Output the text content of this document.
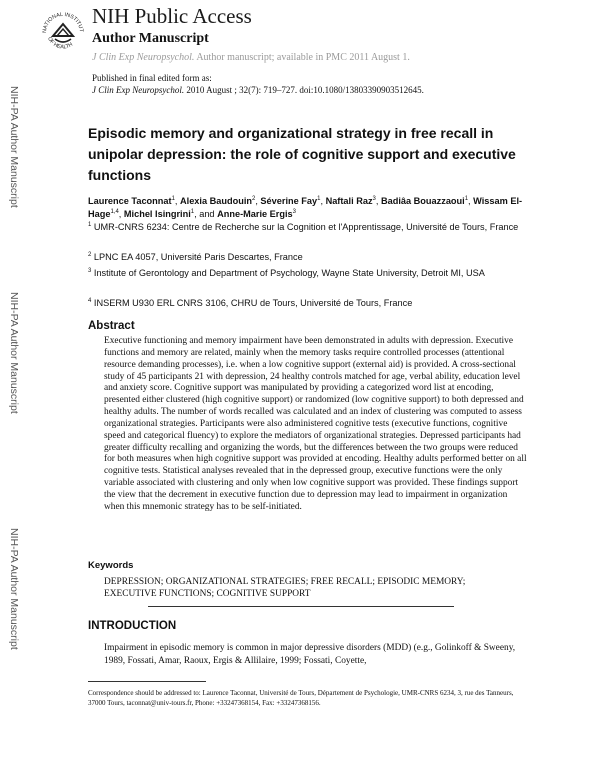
NATIONAL INSTITUT
OF HEALTH
NIH Public Access
Author Manuscript
J Clin Exp Neuropsychol. Author manuscript; available in PMC 2011 August 1.
Published in final edited form as:
J Clin Exp Neuropsychol. 2010 August ; 32(7): 719–727. doi:10.1080/13803390903512645.
NIH-PA Author Manuscript
NIH-PA Author Manuscript
NIH-PA Author Manuscript
Episodic memory and organizational strategy in free recall in unipolar depression: the role of cognitive support and executive functions
Laurence Taconnat$^1$, Alexia Baudouin$^2$, Séverine Fay$^1$, Naftali Raz$^3$, Badiâa Bouazzaoui$^1$, Wissam El-Hage$^{1,4}$, Michel Isingrini$^1$, and Anne-Marie Ergis$^3$
$^1$ UMR-CNRS 6234: Centre de Recherche sur la Cognition et l'Apprentissage, Université de Tours, France
$^2$ LPNC EA 4057, Université Paris Descartes, France
$^3$ Institute of Gerontology and Department of Psychology, Wayne State University, Detroit MI, USA
$^4$ INSERM U930 ERL CNRS 3106, CHRU de Tours, Université de Tours, France
Abstract
Executive functioning and memory impairment have been demonstrated in adults with depression. Executive functions and memory are related, mainly when the memory tasks require controlled processes (attentional resource demanding processes), i.e. when a low cognitive support (external aid) is provided. A cross-sectional study of 45 participants 21 with depression, 24 healthy controls matched for age, verbal ability, education level and anxiety score. Cognitive support was manipulated by providing a categorized word list at encoding, presented either clustered (high cognitive support) or randomized (low cognitive support) to both depressed and healthy adults. The number of words recalled was calculated and an index of clustering was computed to assess organizational strategies. Participants were also administered cognitive tests (executive functions, cognitive speed and categorical fluency) to explore the mediators of organizational strategies. Depressed participants had greater difficulty recalling and organizing the words, but the differences between the two groups were reduced for both measures when high cognitive support was provided at encoding. Healthy adults performed better on all cognitive tests. Statistical analyses revealed that in the depressed group, executive functions were the only variable associated with clustering and only when low cognitive support was provided. These findings support the view that the decrement in executive function due to depression may lead to impairment in organization when this mnemonic strategy has to be self-initiated.
Keywords
DEPRESSION; ORGANIZATIONAL STRATEGIES; FREE RECALL; EPISODIC MEMORY;
EXECUTIVE FUNCTIONS; COGNITIVE SUPPORT
INTRODUCTION
Impairment in episodic memory is common in major depressive disorders (MDD) (e.g., Golinkoff & Sweeny, 1989, Fossati, Amar, Raoux, Ergis & Allilaire, 1999; Fossati, Coyette,
Correspondence should be addressed to: Laurence Taconnat, Université de Tours, Département de Psychologie, UMR-CNRS 6234, 3, rue des Tanneurs, 37000 Tours, taconnat@univ-tours.fr, Phone: +33247368154, Fax: +33247368156.
